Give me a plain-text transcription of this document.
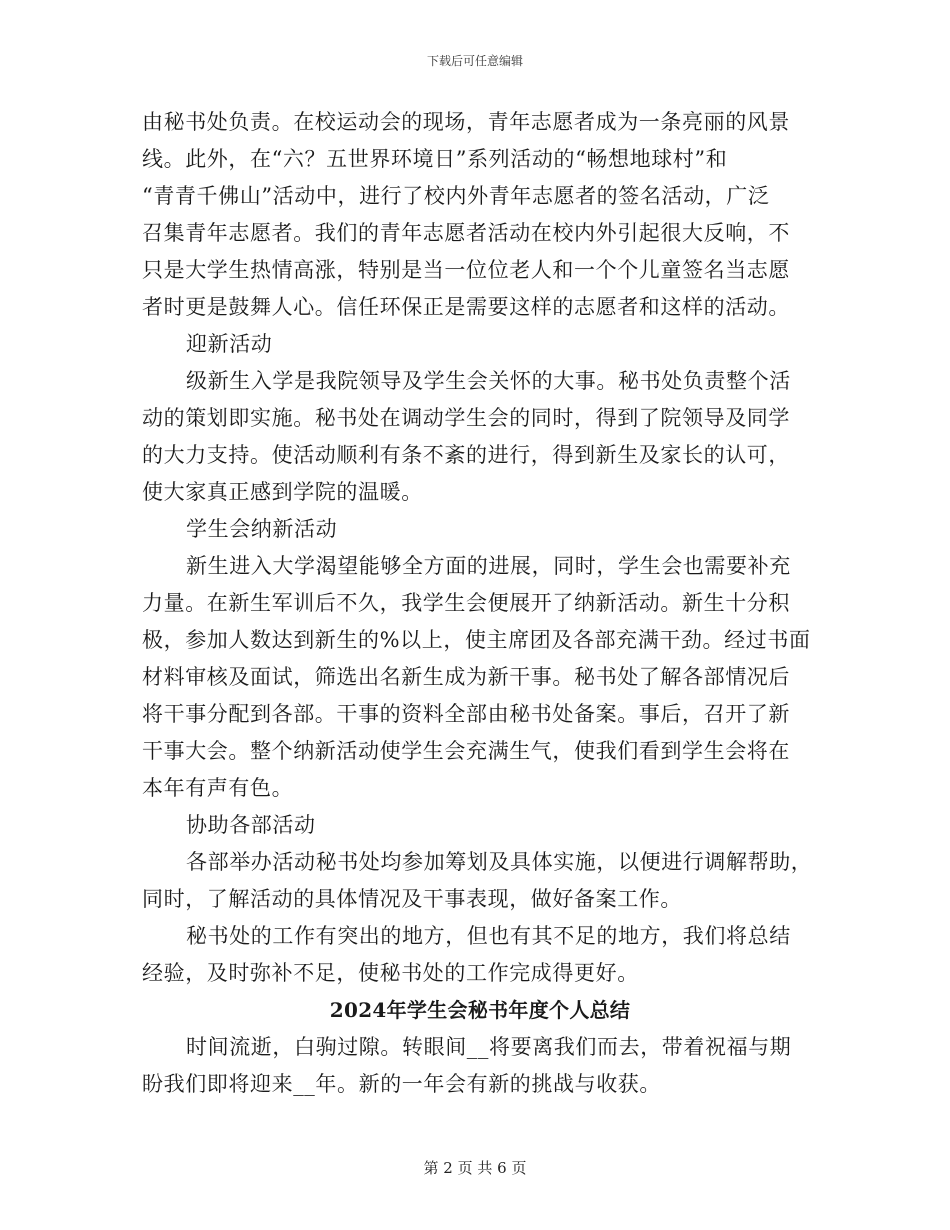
下载后可任意编辑
由秘书处负责。在校运动会的现场，青年志愿者成为一条亮丽的风景
线。此外，在“六？五世界环境日”系列活动的“畅想地球村”和
“青青千佛山”活动中，进行了校内外青年志愿者的签名活动，广泛
召集青年志愿者。我们的青年志愿者活动在校内外引起很大反响，不
只是大学生热情高涨，特别是当一位位老人和一个个儿童签名当志愿
者时更是鼓舞人心。信任环保正是需要这样的志愿者和这样的活动。
迎新活动
级新生入学是我院领导及学生会关怀的大事。秘书处负责整个活
动的策划即实施。秘书处在调动学生会的同时，得到了院领导及同学
的大力支持。使活动顺利有条不紊的进行，得到新生及家长的认可，
使大家真正感到学院的温暖。
学生会纳新活动
新生进入大学渴望能够全方面的进展，同时，学生会也需要补充
力量。在新生军训后不久，我学生会便展开了纳新活动。新生十分积
极，参加人数达到新生的%以上，使主席团及各部充满干劲。经过书面
材料审核及面试，筛选出名新生成为新干事。秘书处了解各部情况后
将干事分配到各部。干事的资料全部由秘书处备案。事后，召开了新
干事大会。整个纳新活动使学生会充满生气，使我们看到学生会将在
本年有声有色。
协助各部活动
各部举办活动秘书处均参加筹划及具体实施，以便进行调解帮助，
同时，了解活动的具体情况及干事表现，做好备案工作。
秘书处的工作有突出的地方，但也有其不足的地方，我们将总结
经验，及时弥补不足，使秘书处的工作完成得更好。
2024年学生会秘书年度个人总结
时间流逝，白驹过隙。转眼间__将要离我们而去，带着祝福与期
盼我们即将迎来__年。新的一年会有新的挑战与收获。
第 2 页 共 6 页
